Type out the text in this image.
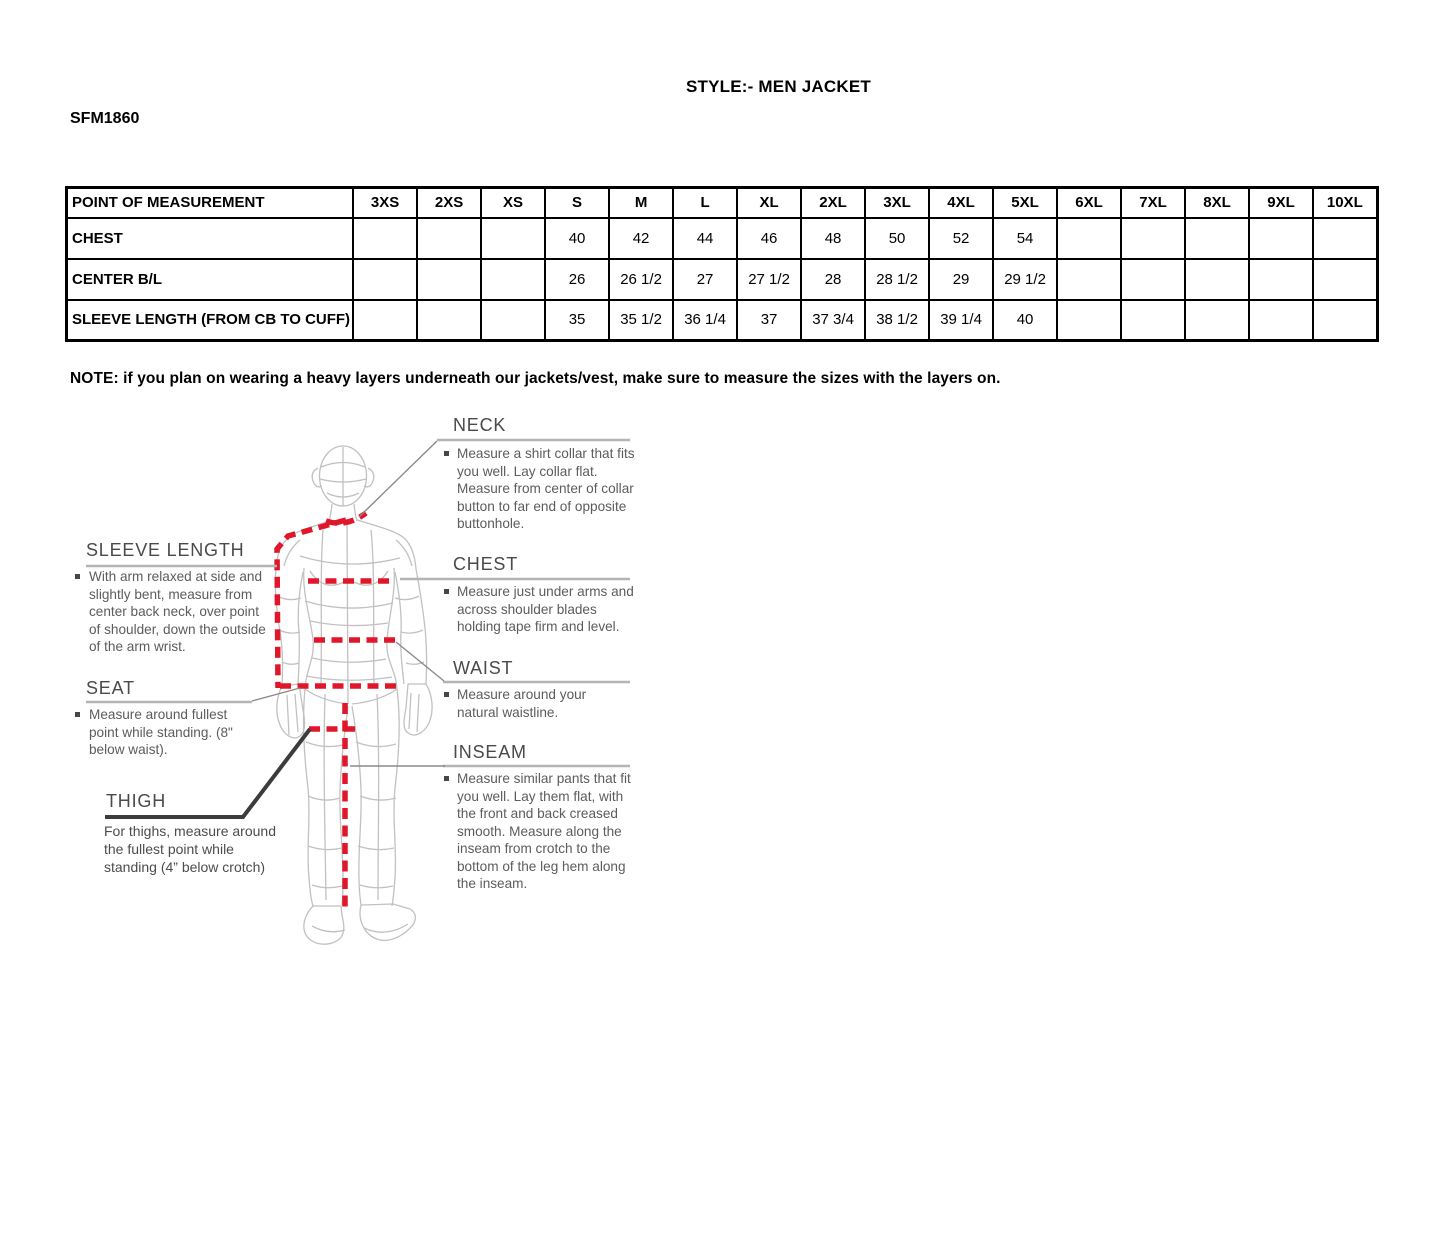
STYLE:- MEN JACKET
SFM1860
POINT OF MEASUREMENT	3XS	2XS	XS	S	M	L	XL	2XL	3XL	4XL	5XL	6XL	7XL	8XL	9XL	10XL
CHEST				40	42	44	46	48	50	52	54					
CENTER B/L				26	26 1/2	27	27 1/2	28	28 1/2	29	29 1/2					
SLEEVE LENGTH (FROM CB TO CUFF)				35	35 1/2	36 1/4	37	37 3/4	38 1/2	39 1/4	40					
NOTE: if you plan on wearing a heavy layers underneath our jackets/vest, make sure to measure the sizes with the layers on.
NECK
Measure a shirt collar that fits you well. Lay collar flat. Measure from center of collar button to far end of opposite buttonhole.
CHEST
Measure just under arms and across shoulder blades holding tape firm and level.
WAIST
Measure around your natural waistline.
INSEAM
Measure similar pants that fit you well. Lay them flat, with the front and back creased smooth. Measure along the inseam from crotch to the bottom of the leg hem along the inseam.
SLEEVE LENGTH
With arm relaxed at side and slightly bent, measure from center back neck, over point of shoulder, down the outside of the arm wrist.
SEAT
Measure around fullest point while standing. (8" below waist).
THIGH
For thighs, measure around the fullest point while standing (4” below crotch)
